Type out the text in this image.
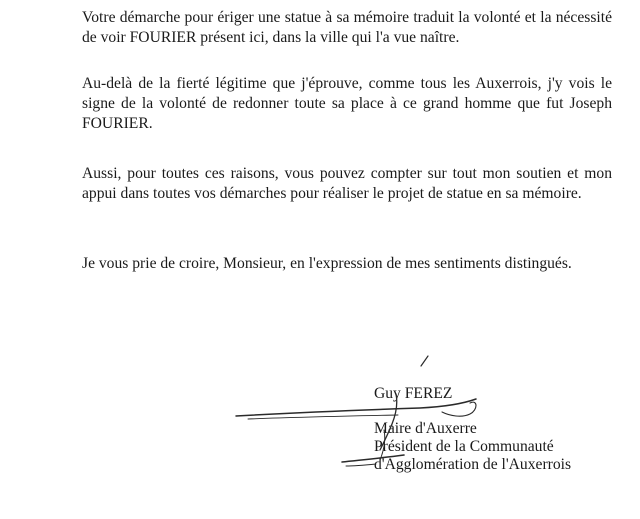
Votre démarche pour ériger une statue à sa mémoire traduit la volonté et la nécessité de voir FOURIER présent ici, dans la ville qui l'a vue naître.

Au-delà de la fierté légitime que j'éprouve, comme tous les Auxerrois, j'y vois le signe de la volonté de redonner toute sa place à ce grand homme que fut Joseph FOURIER.

Aussi, pour toutes ces raisons, vous pouvez compter sur tout mon soutien et mon appui dans toutes vos démarches pour réaliser le projet de statue en sa mémoire.

Je vous prie de croire, Monsieur, en l'expression de mes sentiments distingués.

Guy FEREZ
Maire d'Auxerre
Président de la Communauté
d'Agglomération de l'Auxerrois
